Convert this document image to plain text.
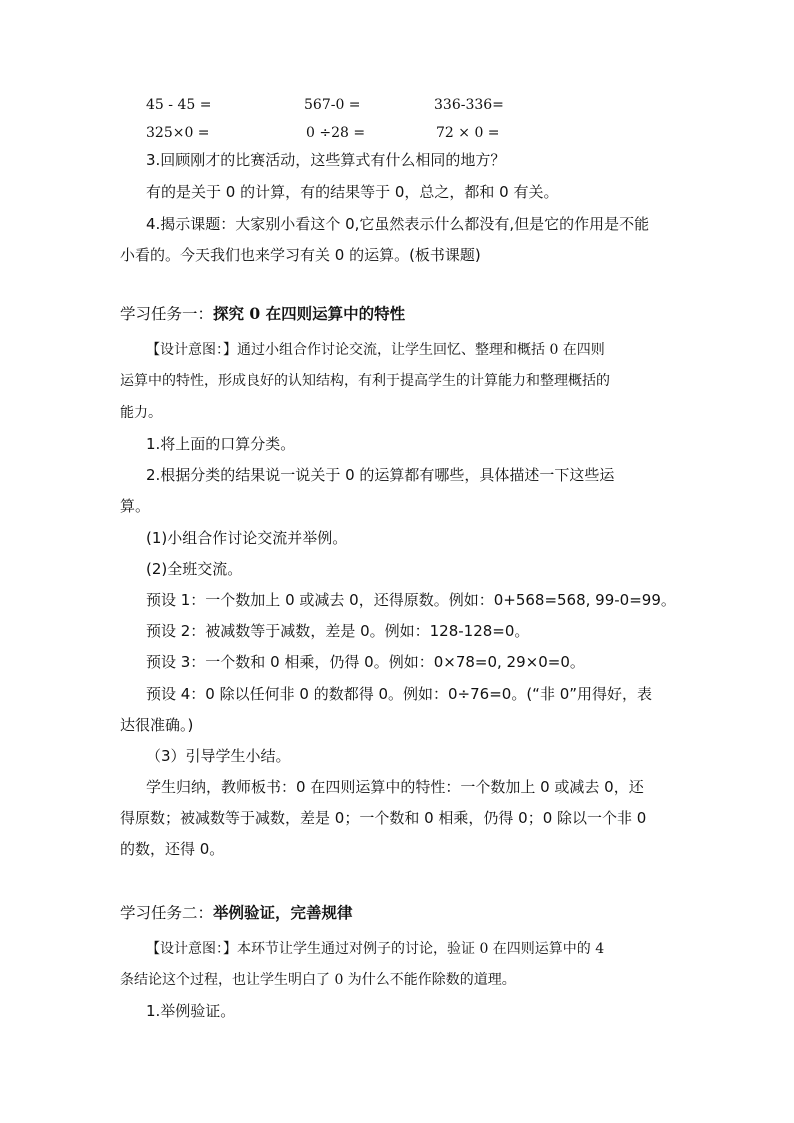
45 - 45 =	567-0 =	336-336=
325×0 =	0 ÷28 =	72 × 0 =
3.回顾刚才的比赛活动，这些算式有什么相同的地方？
有的是关于 0 的计算，有的结果等于 0，总之，都和 0 有关。
4.揭示课题：大家别小看这个 0,它虽然表示什么都没有,但是它的作用是不能
小看的。今天我们也来学习有关 0 的运算。(板书课题)
学习任务一：探究 0 在四则运算中的特性
【设计意图：】通过小组合作讨论交流，让学生回忆、整理和概括 0 在四则
运算中的特性，形成良好的认知结构，有利于提高学生的计算能力和整理概括的
能力。
1.将上面的口算分类。
2.根据分类的结果说一说关于 0 的运算都有哪些，具体描述一下这些运
算。
(1)小组合作讨论交流并举例。
(2)全班交流。
预设 1：一个数加上 0 或减去 0，还得原数。例如：0+568=568, 99-0=99。
预设 2：被减数等于减数，差是 0。例如：128-128=0。
预设 3：一个数和 0 相乘，仍得 0。例如：0×78=0, 29×0=0。
预设 4：0 除以任何非 0 的数都得 0。例如：0÷76=0。(“非 0”用得好，表
达很准确。)
（3）引导学生小结。
学生归纳，教师板书：0 在四则运算中的特性：一个数加上 0 或减去 0，还
得原数；被减数等于减数，差是 0；一个数和 0 相乘，仍得 0；0 除以一个非 0
的数，还得 0。
学习任务二：举例验证，完善规律
【设计意图：】本环节让学生通过对例子的讨论，验证 0 在四则运算中的 4
条结论这个过程，也让学生明白了 0 为什么不能作除数的道理。
1.举例验证。
